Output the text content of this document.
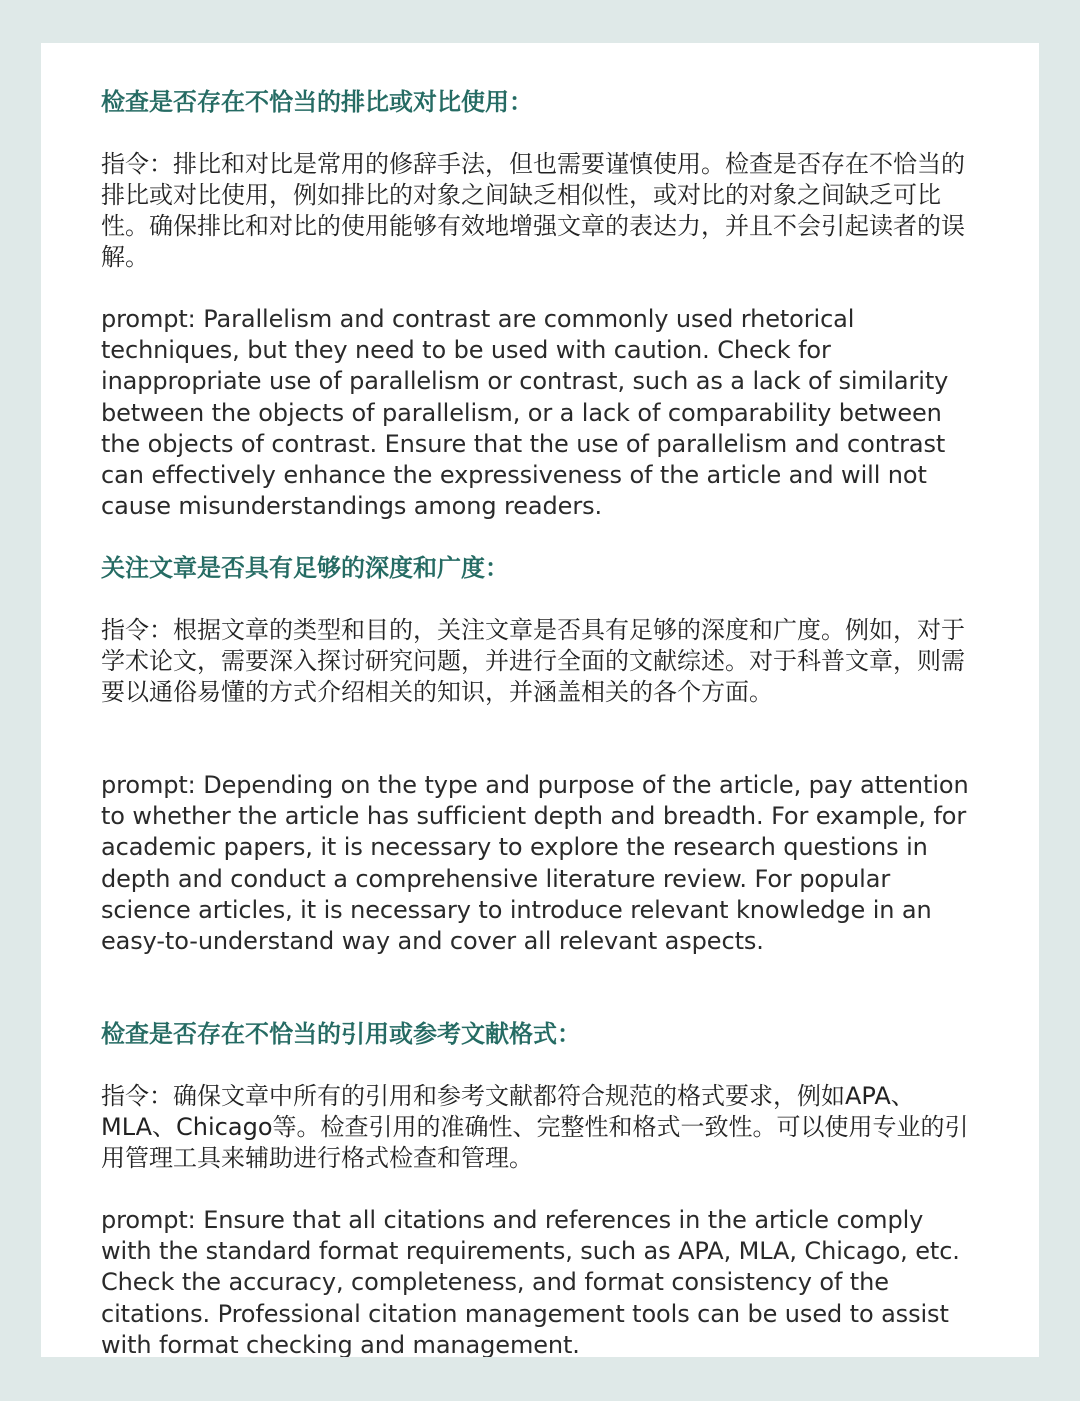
检查是否存在不恰当的排比或对比使用：

指令：排比和对比是常用的修辞手法，但也需要谨慎使用。检查是否存在不恰当的排比或对比使用，例如排比的对象之间缺乏相似性，或对比的对象之间缺乏可比性。确保排比和对比的使用能够有效地增强文章的表达力，并且不会引起读者的误解。

prompt: Parallelism and contrast are commonly used rhetorical techniques, but they need to be used with caution. Check for inappropriate use of parallelism or contrast, such as a lack of similarity between the objects of parallelism, or a lack of comparability between the objects of contrast. Ensure that the use of parallelism and contrast can effectively enhance the expressiveness of the article and will not cause misunderstandings among readers.

关注文章是否具有足够的深度和广度：

指令：根据文章的类型和目的，关注文章是否具有足够的深度和广度。例如，对于学术论文，需要深入探讨研究问题，并进行全面的文献综述。对于科普文章，则需要以通俗易懂的方式介绍相关的知识，并涵盖相关的各个方面。

prompt: Depending on the type and purpose of the article, pay attention to whether the article has sufficient depth and breadth. For example, for academic papers, it is necessary to explore the research questions in depth and conduct a comprehensive literature review. For popular science articles, it is necessary to introduce relevant knowledge in an easy-to-understand way and cover all relevant aspects.

检查是否存在不恰当的引用或参考文献格式：

指令：确保文章中所有的引用和参考文献都符合规范的格式要求，例如APA、MLA、Chicago等。检查引用的准确性、完整性和格式一致性。可以使用专业的引用管理工具来辅助进行格式检查和管理。

prompt: Ensure that all citations and references in the article comply with the standard format requirements, such as APA, MLA, Chicago, etc. Check the accuracy, completeness, and format consistency of the citations. Professional citation management tools can be used to assist with format checking and management.
